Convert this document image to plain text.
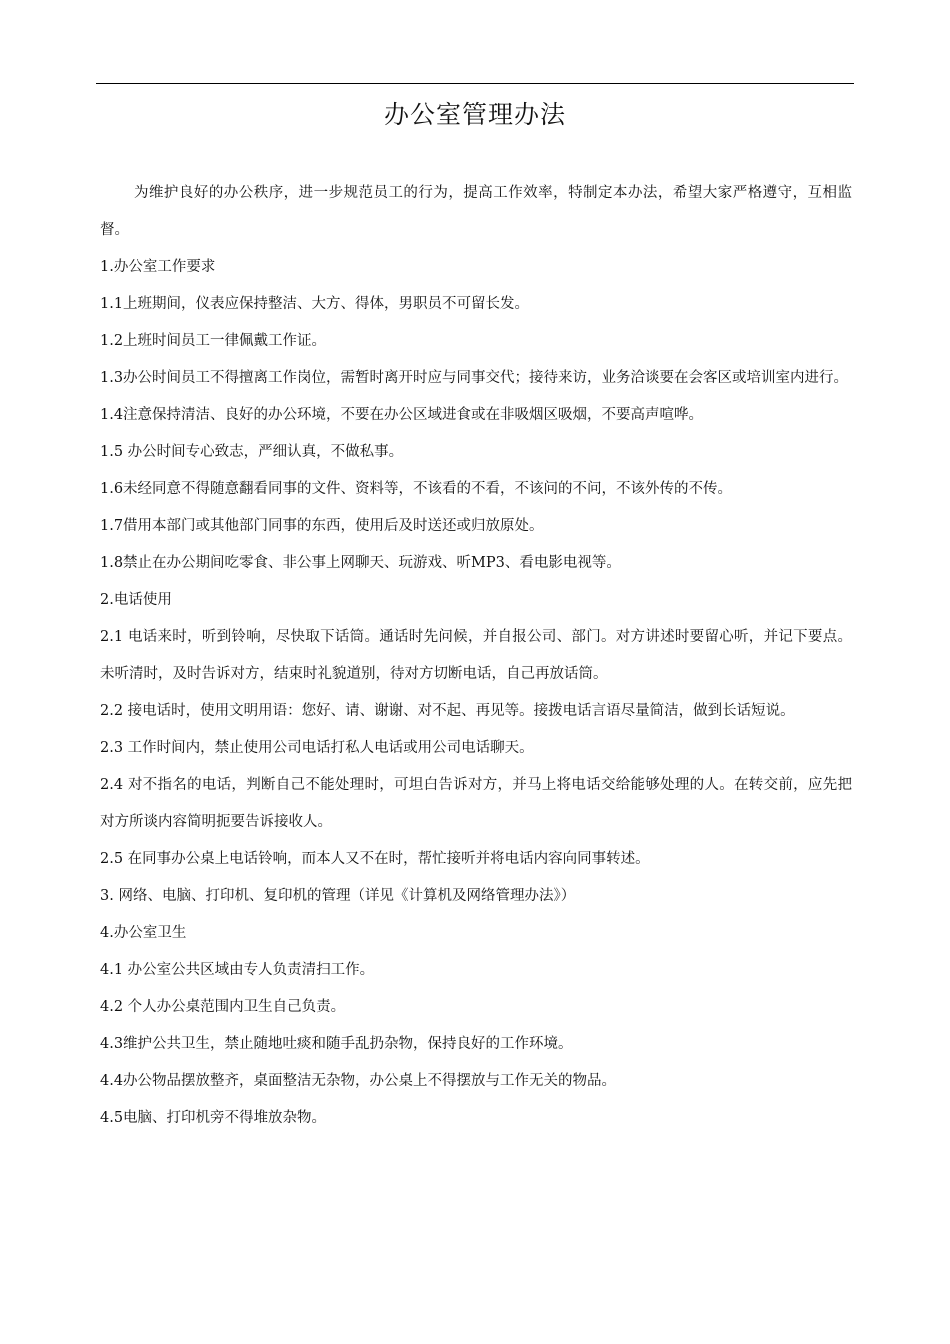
办公室管理办法

为维护良好的办公秩序，进一步规范员工的行为，提高工作效率，特制定本办法，希望大家严格遵守，互相监督。

1.办公室工作要求

1.1上班期间，仪表应保持整洁、大方、得体，男职员不可留长发。

1.2上班时间员工一律佩戴工作证。

1.3办公时间员工不得擅离工作岗位，需暂时离开时应与同事交代；接待来访，业务洽谈要在会客区或培训室内进行。

1.4注意保持清洁、良好的办公环境，不要在办公区域进食或在非吸烟区吸烟，不要高声喧哗。

1.5 办公时间专心致志，严细认真，不做私事。

1.6未经同意不得随意翻看同事的文件、资料等，不该看的不看，不该问的不问，不该外传的不传。

1.7借用本部门或其他部门同事的东西，使用后及时送还或归放原处。

1.8禁止在办公期间吃零食、非公事上网聊天、玩游戏、听MP3、看电影电视等。

2.电话使用

2.1 电话来时，听到铃响，尽快取下话筒。通话时先问候，并自报公司、部门。对方讲述时要留心听，并记下要点。未听清时，及时告诉对方，结束时礼貌道别，待对方切断电话，自己再放话筒。

2.2 接电话时，使用文明用语：您好、请、谢谢、对不起、再见等。接拨电话言语尽量简洁，做到长话短说。

2.3 工作时间内，禁止使用公司电话打私人电话或用公司电话聊天。

2.4 对不指名的电话，判断自己不能处理时，可坦白告诉对方，并马上将电话交给能够处理的人。在转交前，应先把对方所谈内容简明扼要告诉接收人。

2.5 在同事办公桌上电话铃响，而本人又不在时，帮忙接听并将电话内容向同事转述。

3. 网络、电脑、打印机、复印机的管理（详见《计算机及网络管理办法》）

4.办公室卫生

4.1 办公室公共区域由专人负责清扫工作。

4.2 个人办公桌范围内卫生自己负责。

4.3维护公共卫生，禁止随地吐痰和随手乱扔杂物，保持良好的工作环境。

4.4办公物品摆放整齐，桌面整洁无杂物，办公桌上不得摆放与工作无关的物品。

4.5电脑、打印机旁不得堆放杂物。
